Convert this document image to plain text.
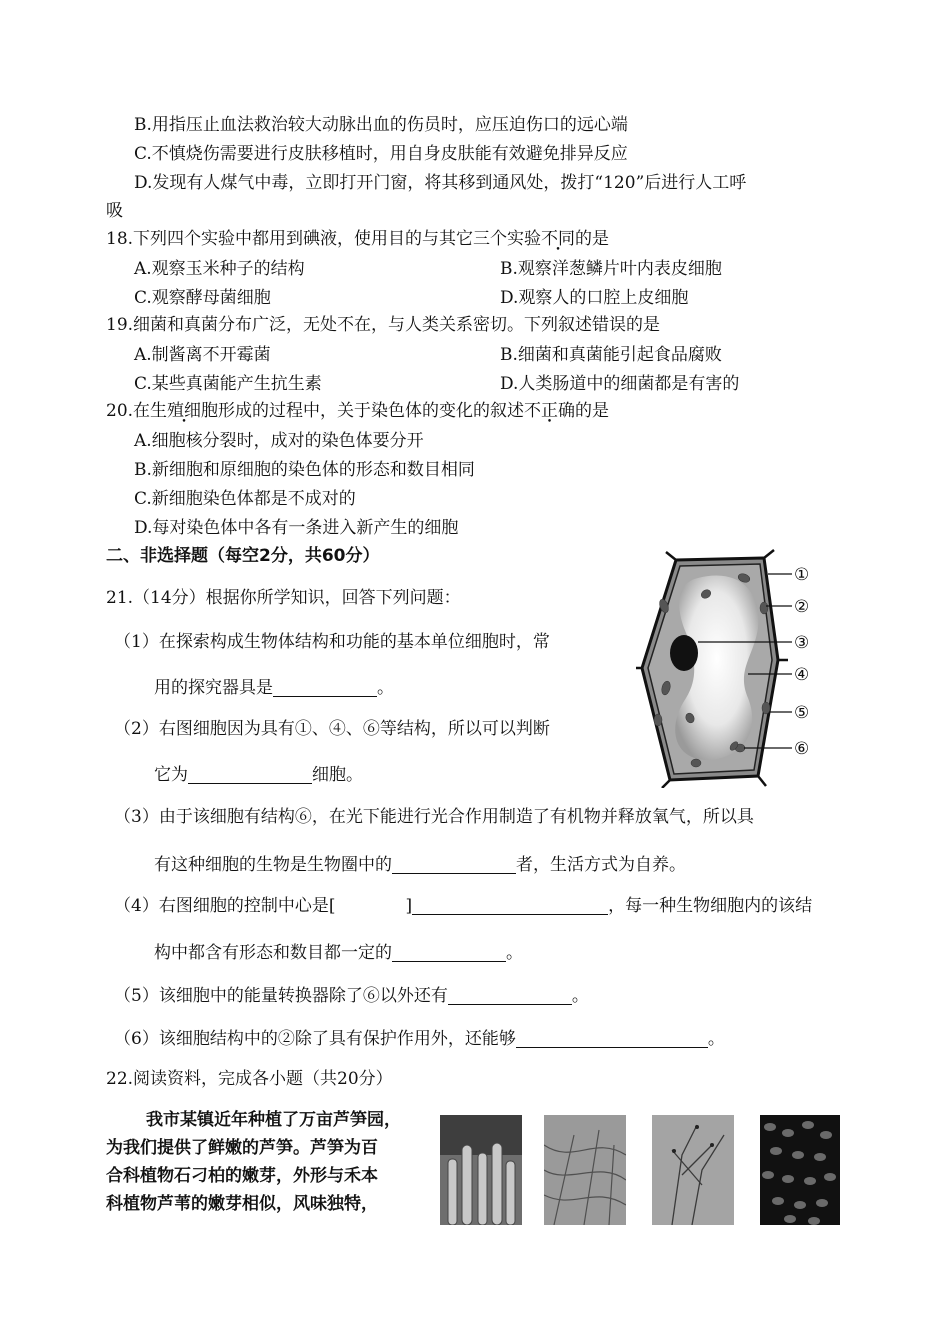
B.用指压止血法救治较大动脉出血的伤员时，应压迫伤口的远心端
C.不慎烧伤需要进行皮肤移植时，用自身皮肤能有效避免排异反应
D.发现有人煤气中毒，立即打开门窗，将其移到通风处，拨打“120”后进行人工呼
吸
18.下列四个实验中都用到碘液，使用目的与其它三个实验不同的是
A.观察玉米种子的结构	B.观察洋葱鳞片叶内表皮细胞
C.观察酵母菌细胞	D.观察人的口腔上皮细胞
19.细菌和真菌分布广泛，无处不在，与人类关系密切。下列叙述错误的是
A.制酱离不开霉菌	B.细菌和真菌能引起食品腐败
C.某些真菌能产生抗生素	D.人类肠道中的细菌都是有害的
20.在生殖细胞形成的过程中，关于染色体的变化的叙述不正确的是
A.细胞核分裂时，成对的染色体要分开
B.新细胞和原细胞的染色体的形态和数目相同
C.新细胞染色体都是不成对的
D.每对染色体中各有一条进入新产生的细胞
二、非选择题（每空2分，共60分）
21.（14分）根据你所学知识，回答下列问题：
（1）在探索构成生物体结构和功能的基本单位细胞时，常
用的探究器具是	。
（2）右图细胞因为具有①、④、⑥等结构，所以可以判断
它为	细胞。
（3）由于该细胞有结构⑥，在光下能进行光合作用制造了有机物并释放氧气，所以具
有这种细胞的生物是生物圈中的	者，生活方式为自养。
（4）右图细胞的控制中心是[	]	，每一种生物细胞内的该结
构中都含有形态和数目都一定的	。
（5）该细胞中的能量转换器除了⑥以外还有	。
（6）该细胞结构中的②除了具有保护作用外，还能够	。
①
②
③
④
⑤
⑥
22.阅读资料，完成各小题（共20分）
我市某镇近年种植了万亩芦笋园，
为我们提供了鲜嫩的芦笋。芦笋为百
合科植物石刁柏的嫩芽，外形与禾本
科植物芦苇的嫩芽相似，风味独特，
